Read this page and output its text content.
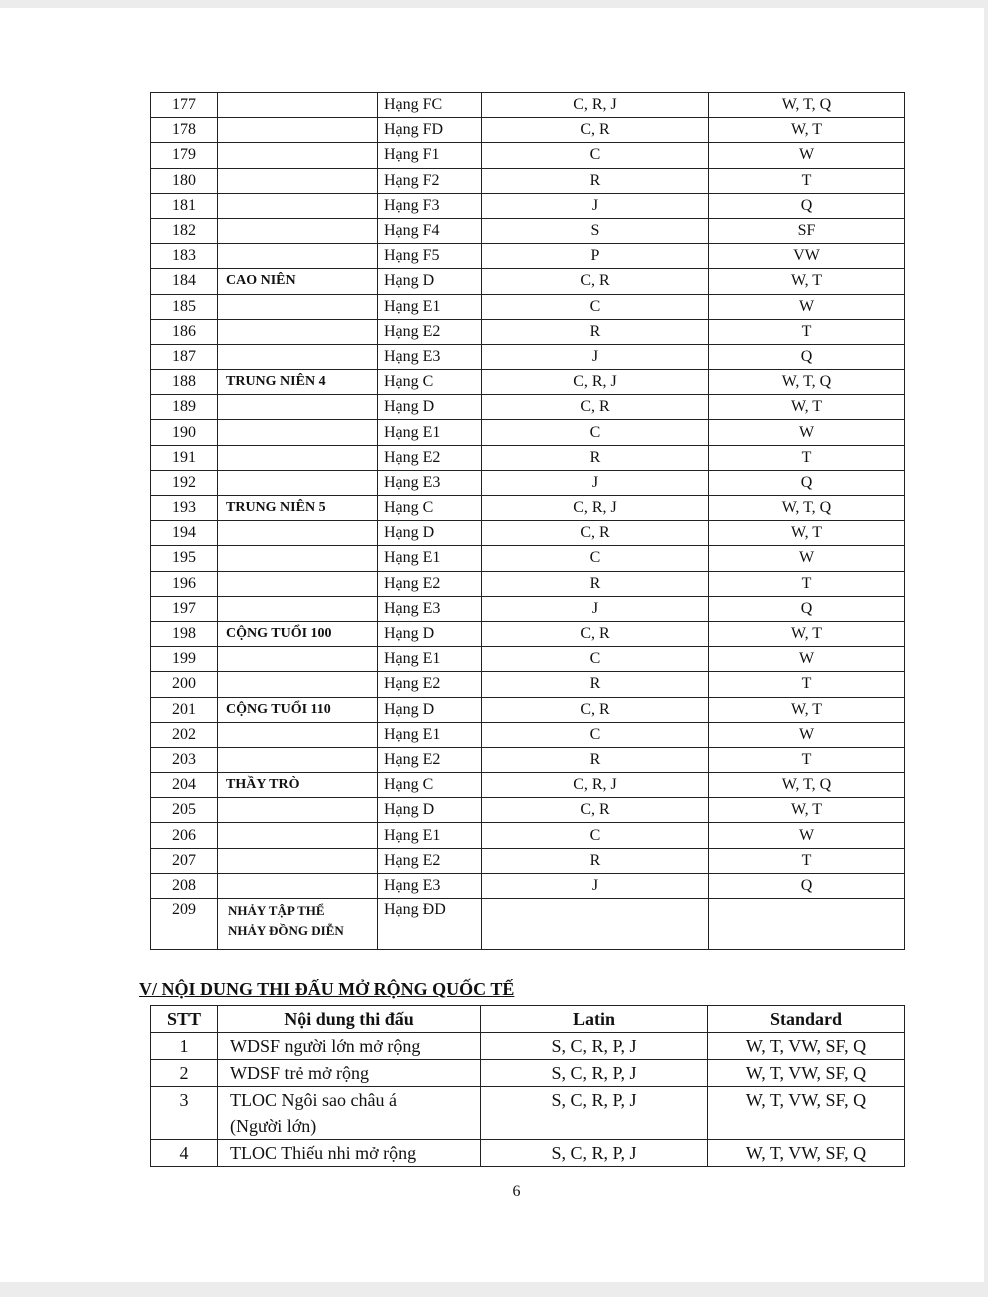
177		Hạng FC	C, R, J	W, T, Q
178		Hạng FD	C, R	W, T
179		Hạng F1	C	W
180		Hạng F2	R	T
181		Hạng F3	J	Q
182		Hạng F4	S	SF
183		Hạng F5	P	VW
184	CAO NIÊN	Hạng D	C, R	W, T
185		Hạng E1	C	W
186		Hạng E2	R	T
187		Hạng E3	J	Q
188	TRUNG NIÊN 4	Hạng C	C, R, J	W, T, Q
189		Hạng D	C, R	W, T
190		Hạng E1	C	W
191		Hạng E2	R	T
192		Hạng E3	J	Q
193	TRUNG NIÊN 5	Hạng C	C, R, J	W, T, Q
194		Hạng D	C, R	W, T
195		Hạng E1	C	W
196		Hạng E2	R	T
197		Hạng E3	J	Q
198	CỘNG TUỔI 100	Hạng D	C, R	W, T
199		Hạng E1	C	W
200		Hạng E2	R	T
201	CỘNG TUỔI 110	Hạng D	C, R	W, T
202		Hạng E1	C	W
203		Hạng E2	R	T
204	THẦY TRÒ	Hạng C	C, R, J	W, T, Q
205		Hạng D	C, R	W, T
206		Hạng E1	C	W
207		Hạng E2	R	T
208		Hạng E3	J	Q
209	NHẢY TẬP THỂ
NHẢY ĐỒNG DIỄN	Hạng ĐD		
V/ NỘI DUNG THI ĐẤU MỞ RỘNG QUỐC TẾ
STT	Nội dung thi đấu	Latin	Standard
1	WDSF người lớn mở rộng	S, C, R, P, J	W, T, VW, SF, Q
2	WDSF trẻ mở rộng	S, C, R, P, J	W, T, VW, SF, Q
3	TLOC Ngôi sao châu á
(Người lớn)	S, C, R, P, J	W, T, VW, SF, Q
4	TLOC Thiếu nhi mở rộng	S, C, R, P, J	W, T, VW, SF, Q
6
